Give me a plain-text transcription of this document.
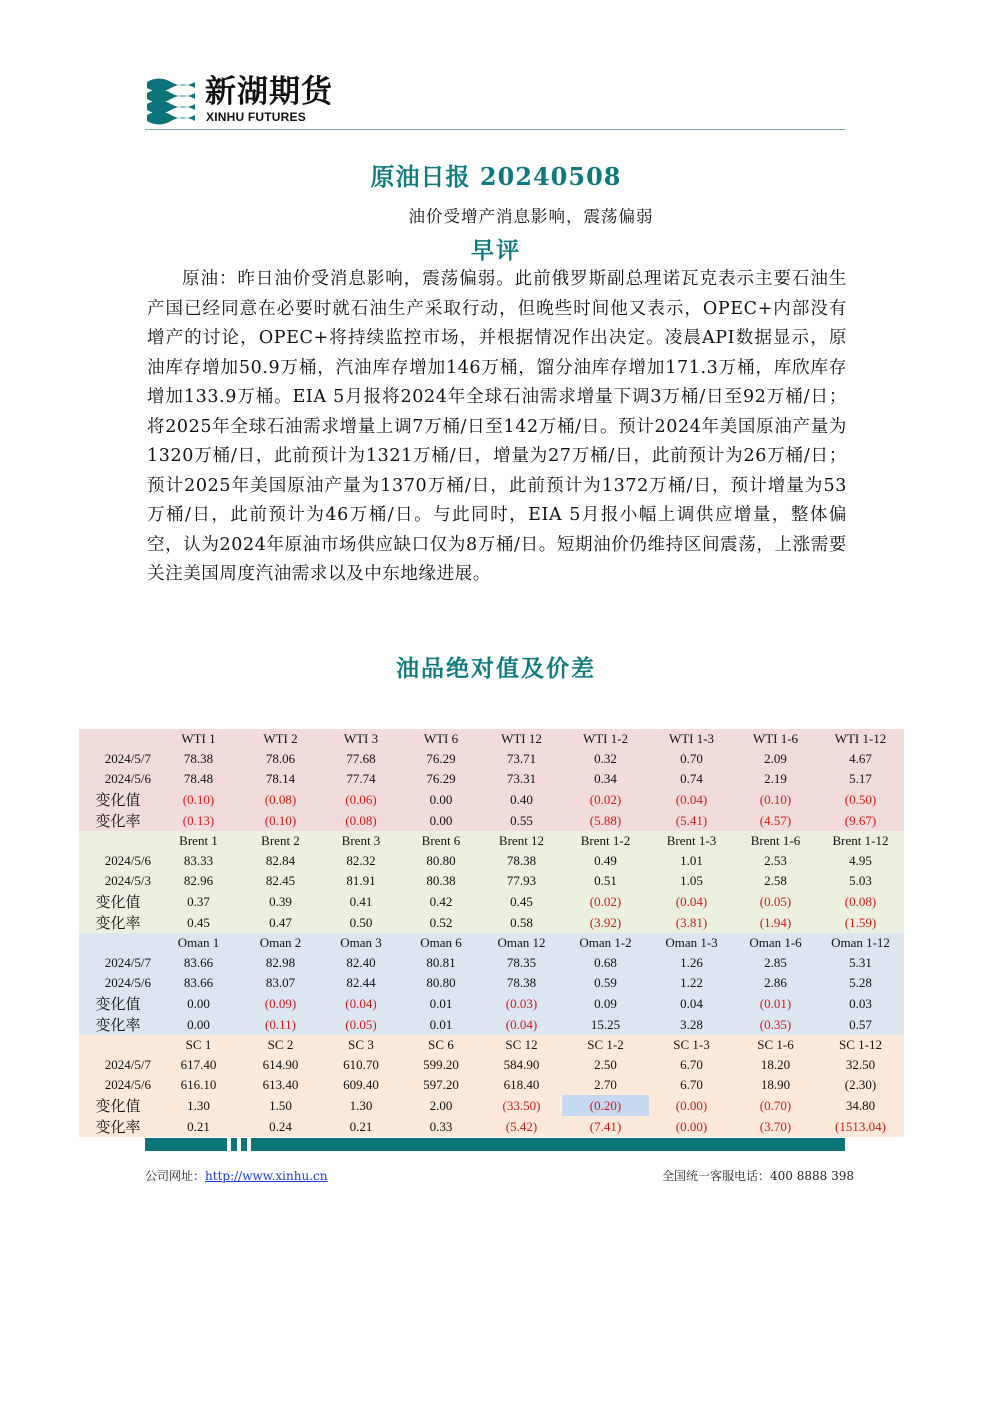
新湖期货
XINHU FUTURES
原油日报 20240508
油价受增产消息影响，震荡偏弱
早评
原油：昨日油价受消息影响，震荡偏弱。此前俄罗斯副总理诺瓦克表示主要石油生产国已经同意在必要时就石油生产采取行动，但晚些时间他又表示，OPEC+内部没有增产的讨论，OPEC+将持续监控市场，并根据情况作出决定。凌晨API数据显示，原油库存增加50.9万桶，汽油库存增加146万桶，馏分油库存增加171.3万桶，库欣库存增加133.9万桶。EIA 5月报将2024年全球石油需求增量下调3万桶/日至92万桶/日；将2025年全球石油需求增量上调7万桶/日至142万桶/日。预计2024年美国原油产量为1320万桶/日，此前预计为1321万桶/日，增量为27万桶/日，此前预计为26万桶/日；预计2025年美国原油产量为1370万桶/日，此前预计为1372万桶/日，预计增量为53万桶/日，此前预计为46万桶/日。与此同时，EIA 5月报小幅上调供应增量，整体偏空，认为2024年原油市场供应缺口仅为8万桶/日。短期油价仍维持区间震荡，上涨需要关注美国周度汽油需求以及中东地缘进展。
油品绝对值及价差
	WTI 1	WTI 2	WTI 3	WTI 6	WTI 12	WTI 1-2	WTI 1-3	WTI 1-6	WTI 1-12
2024/5/7	78.38	78.06	77.68	76.29	73.71	0.32	0.70	2.09	4.67
2024/5/6	78.48	78.14	77.74	76.29	73.31	0.34	0.74	2.19	5.17
变化值	(0.10)	(0.08)	(0.06)	0.00	0.40	(0.02)	(0.04)	(0.10)	(0.50)
变化率	(0.13)	(0.10)	(0.08)	0.00	0.55	(5.88)	(5.41)	(4.57)	(9.67)
	Brent 1	Brent 2	Brent 3	Brent 6	Brent 12	Brent 1-2	Brent 1-3	Brent 1-6	Brent 1-12
2024/5/6	83.33	82.84	82.32	80.80	78.38	0.49	1.01	2.53	4.95
2024/5/3	82.96	82.45	81.91	80.38	77.93	0.51	1.05	2.58	5.03
变化值	0.37	0.39	0.41	0.42	0.45	(0.02)	(0.04)	(0.05)	(0.08)
变化率	0.45	0.47	0.50	0.52	0.58	(3.92)	(3.81)	(1.94)	(1.59)
	Oman 1	Oman 2	Oman 3	Oman 6	Oman 12	Oman 1-2	Oman 1-3	Oman 1-6	Oman 1-12
2024/5/7	83.66	82.98	82.40	80.81	78.35	0.68	1.26	2.85	5.31
2024/5/6	83.66	83.07	82.44	80.80	78.38	0.59	1.22	2.86	5.28
变化值	0.00	(0.09)	(0.04)	0.01	(0.03)	0.09	0.04	(0.01)	0.03
变化率	0.00	(0.11)	(0.05)	0.01	(0.04)	15.25	3.28	(0.35)	0.57
	SC 1	SC 2	SC 3	SC 6	SC 12	SC 1-2	SC 1-3	SC 1-6	SC 1-12
2024/5/7	617.40	614.90	610.70	599.20	584.90	2.50	6.70	18.20	32.50
2024/5/6	616.10	613.40	609.40	597.20	618.40	2.70	6.70	18.90	(2.30)
变化值	1.30	1.50	1.30	2.00	(33.50)	(0.20)	(0.00)	(0.70)	34.80
变化率	0.21	0.24	0.21	0.33	(5.42)	(7.41)	(0.00)	(3.70)	(1513.04)
公司网址：http://www.xinhu.cn	全国统一客服电话：400 8888 398
